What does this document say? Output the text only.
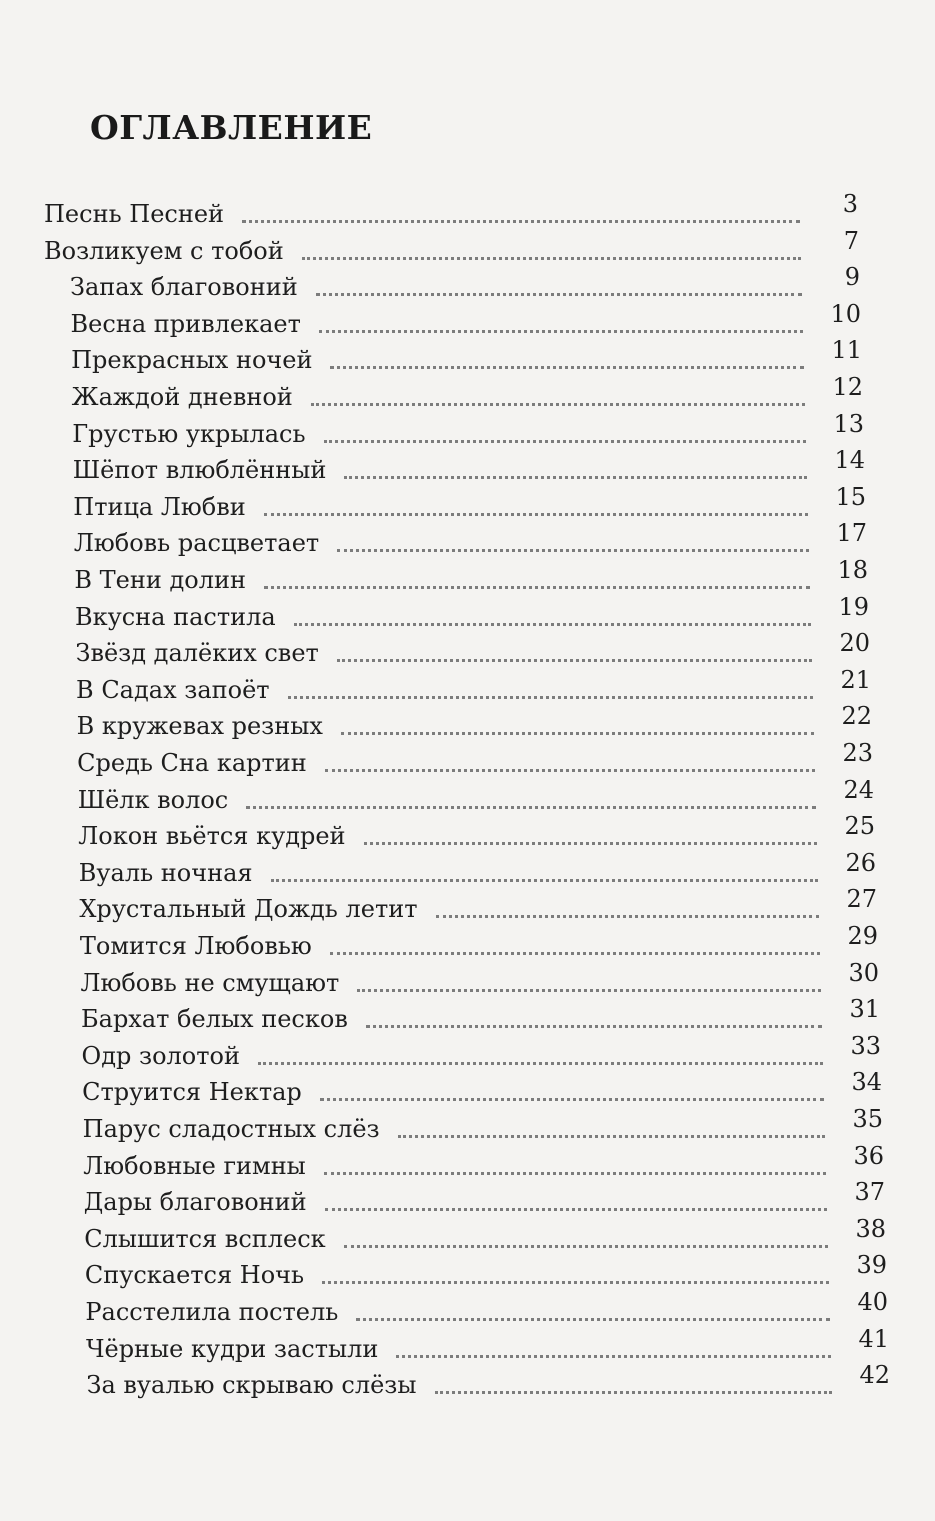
ОГЛАВЛЕНИЕ
Песнь Песней	3
Возликуем с тобой	7
Запах благовоний	9
Весна привлекает	10
Прекрасных ночей	11
Жаждой дневной	12
Грустью укрылась	13
Шёпот влюблённый	14
Птица Любви	15
Любовь расцветает	17
В Тени долин	18
Вкусна пастила	19
Звёзд далёких свет	20
В Садах запоёт	21
В кружевах резных	22
Средь Сна картин	23
Шёлк волос	24
Локон вьётся кудрей	25
Вуаль ночная	26
Хрустальный Дождь летит	27
Томится Любовью	29
Любовь не смущают	30
Бархат белых песков	31
Одр золотой	33
Струится Нектар	34
Парус сладостных слёз	35
Любовные гимны	36
Дары благовоний	37
Слышится всплеск	38
Спускается Ночь	39
Расстелила постель	40
Чёрные кудри застыли	41
За вуалью скрываю слёзы	42
